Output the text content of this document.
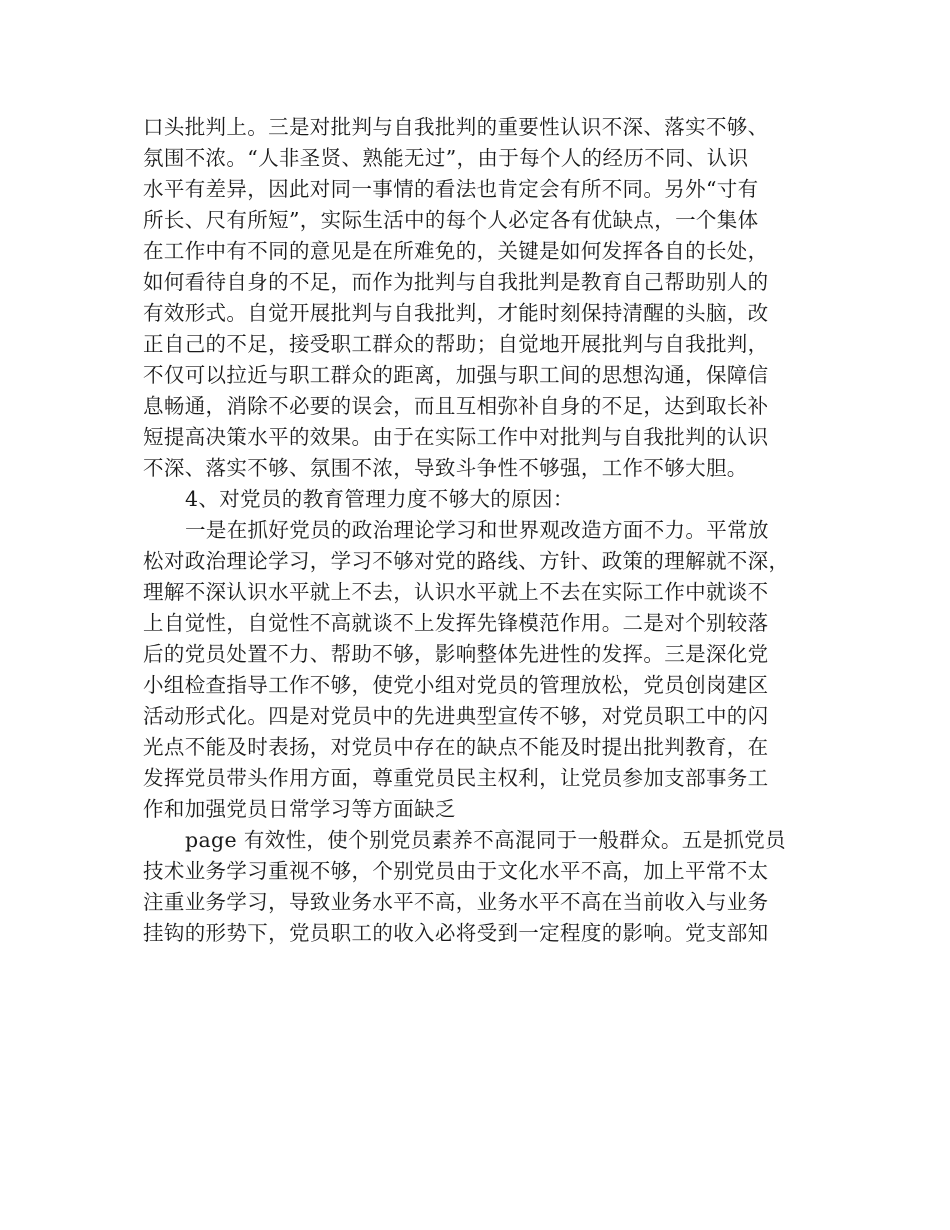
口头批判上。三是对批判与自我批判的重要性认识不深、落实不够、
氛围不浓。“人非圣贤、熟能无过”，由于每个人的经历不同、认识
水平有差异，因此对同一事情的看法也肯定会有所不同。另外“寸有
所长、尺有所短”，实际生活中的每个人必定各有优缺点，一个集体
在工作中有不同的意见是在所难免的，关键是如何发挥各自的长处，
如何看待自身的不足，而作为批判与自我批判是教育自己帮助别人的
有效形式。自觉开展批判与自我批判，才能时刻保持清醒的头脑，改
正自己的不足，接受职工群众的帮助；自觉地开展批判与自我批判，
不仅可以拉近与职工群众的距离，加强与职工间的思想沟通，保障信
息畅通，消除不必要的误会，而且互相弥补自身的不足，达到取长补
短提高决策水平的效果。由于在实际工作中对批判与自我批判的认识
不深、落实不够、氛围不浓，导致斗争性不够强，工作不够大胆。
4、对党员的教育管理力度不够大的原因：
一是在抓好党员的政治理论学习和世界观改造方面不力。平常放
松对政治理论学习，学习不够对党的路线、方针、政策的理解就不深，
理解不深认识水平就上不去，认识水平就上不去在实际工作中就谈不
上自觉性，自觉性不高就谈不上发挥先锋模范作用。二是对个别较落
后的党员处置不力、帮助不够，影响整体先进性的发挥。三是深化党
小组检查指导工作不够，使党小组对党员的管理放松，党员创岗建区
活动形式化。四是对党员中的先进典型宣传不够，对党员职工中的闪
光点不能及时表扬，对党员中存在的缺点不能及时提出批判教育，在
发挥党员带头作用方面，尊重党员民主权利，让党员参加支部事务工
作和加强党员日常学习等方面缺乏
page 有效性，使个别党员素养不高混同于一般群众。五是抓党员
技术业务学习重视不够，个别党员由于文化水平不高，加上平常不太
注重业务学习，导致业务水平不高，业务水平不高在当前收入与业务
挂钩的形势下，党员职工的收入必将受到一定程度的影响。党支部知
